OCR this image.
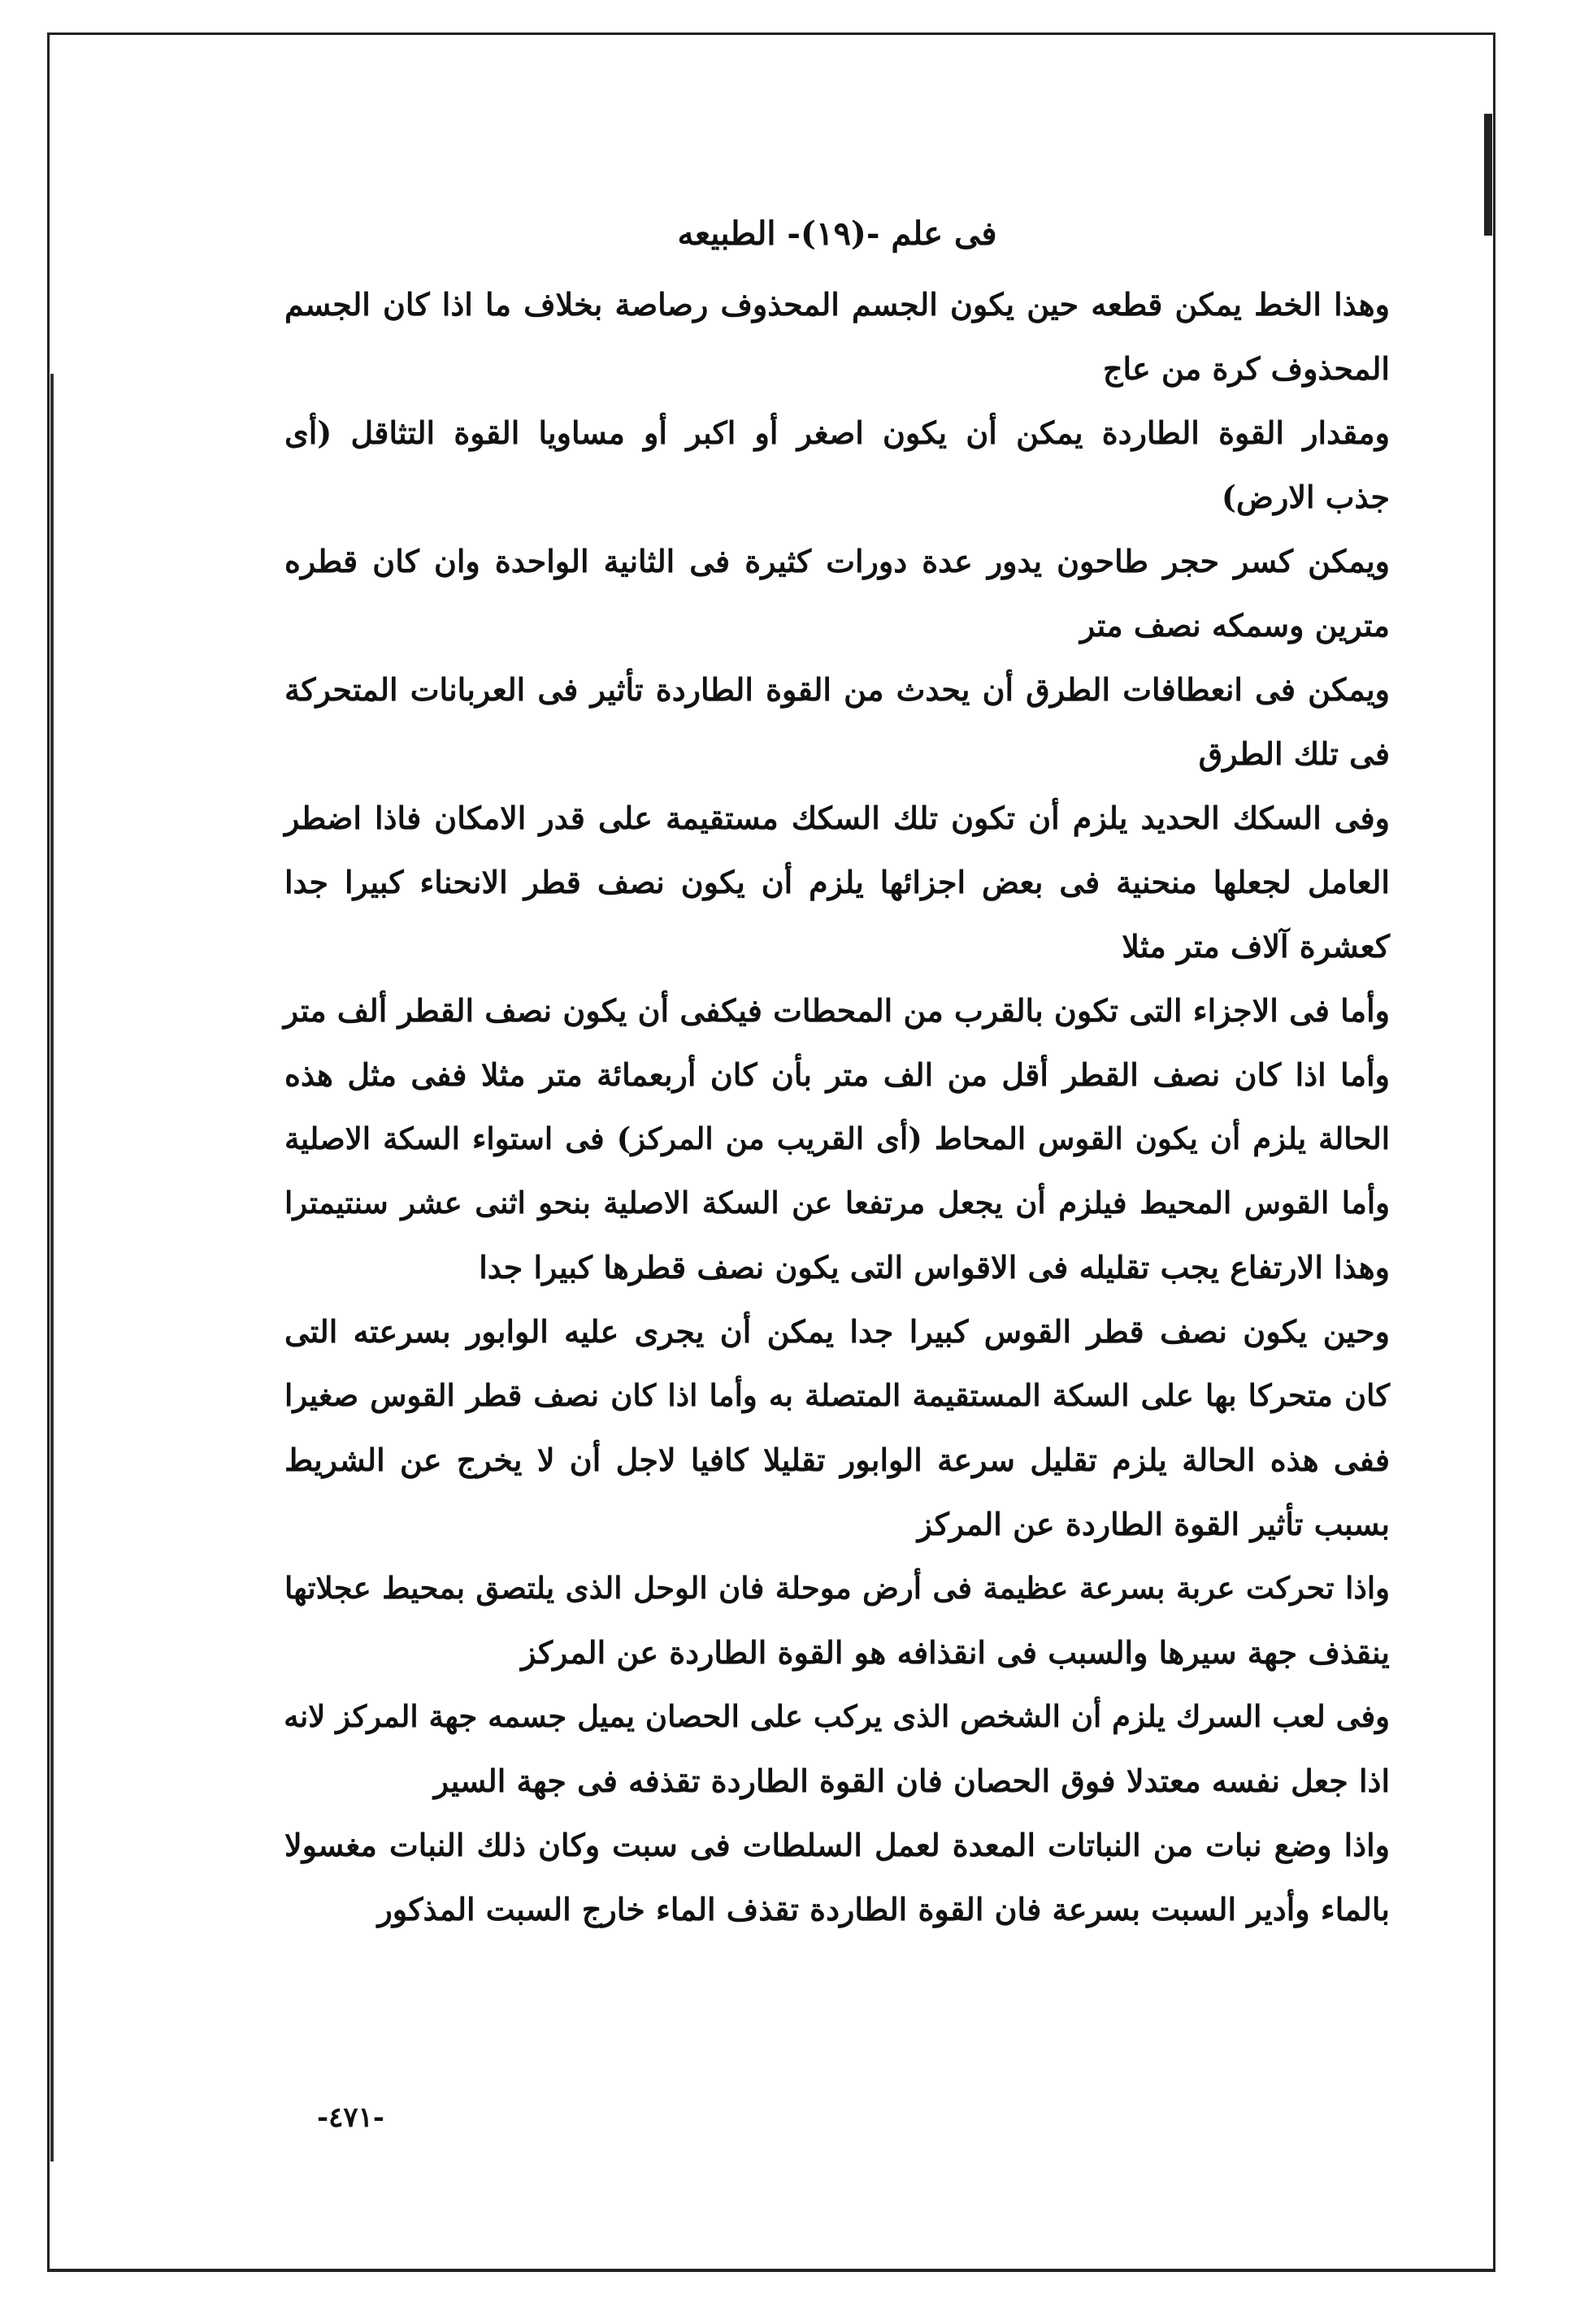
فى علم -(١٩)- الطبيعه
وهذا الخط يمكن قطعه حين يكون الجسم المحذوف رصاصة بخلاف ما اذا كان الجسم
المحذوف كرة من عاج
ومقدار القوة الطاردة يمكن أن يكون اصغر أو اكبر أو مساويا القوة التثاقل (أى
جذب الارض)
ويمكن كسر حجر طاحون يدور عدة دورات كثيرة فى الثانية الواحدة وان كان قطره
مترين وسمكه نصف متر
ويمكن فى انعطافات الطرق أن يحدث من القوة الطاردة تأثير فى العربانات المتحركة
فى تلك الطرق
وفى السكك الحديد يلزم أن تكون تلك السكك مستقيمة على قدر الامكان فاذا اضطر
العامل لجعلها منحنية فى بعض اجزائها يلزم أن يكون نصف قطر الانحناء كبيرا جدا
كعشرة آلاف متر مثلا
وأما فى الاجزاء التى تكون بالقرب من المحطات فيكفى أن يكون نصف القطر ألف متر
وأما اذا كان نصف القطر أقل من الف متر بأن كان أربعمائة متر مثلا ففى مثل هذه
الحالة يلزم أن يكون القوس المحاط (أى القريب من المركز) فى استواء السكة الاصلية
وأما القوس المحيط فيلزم أن يجعل مرتفعا عن السكة الاصلية بنحو اثنى عشر سنتيمترا
وهذا الارتفاع يجب تقليله فى الاقواس التى يكون نصف قطرها كبيرا جدا
وحين يكون نصف قطر القوس كبيرا جدا يمكن أن يجرى عليه الوابور بسرعته التى
كان متحركا بها على السكة المستقيمة المتصلة به وأما اذا كان نصف قطر القوس صغيرا
ففى هذه الحالة يلزم تقليل سرعة الوابور تقليلا كافيا لاجل أن لا يخرج عن الشريط
بسبب تأثير القوة الطاردة عن المركز
واذا تحركت عربة بسرعة عظيمة فى أرض موحلة فان الوحل الذى يلتصق بمحيط عجلاتها
ينقذف جهة سيرها والسبب فى انقذافه هو القوة الطاردة عن المركز
وفى لعب السرك يلزم أن الشخص الذى يركب على الحصان يميل جسمه جهة المركز لانه
اذا جعل نفسه معتدلا فوق الحصان فان القوة الطاردة تقذفه فى جهة السير
واذا وضع نبات من النباتات المعدة لعمل السلطات فى سبت وكان ذلك النبات مغسولا
بالماء وأدير السبت بسرعة فان القوة الطاردة تقذف الماء خارج السبت المذكور
-٤٧١-
